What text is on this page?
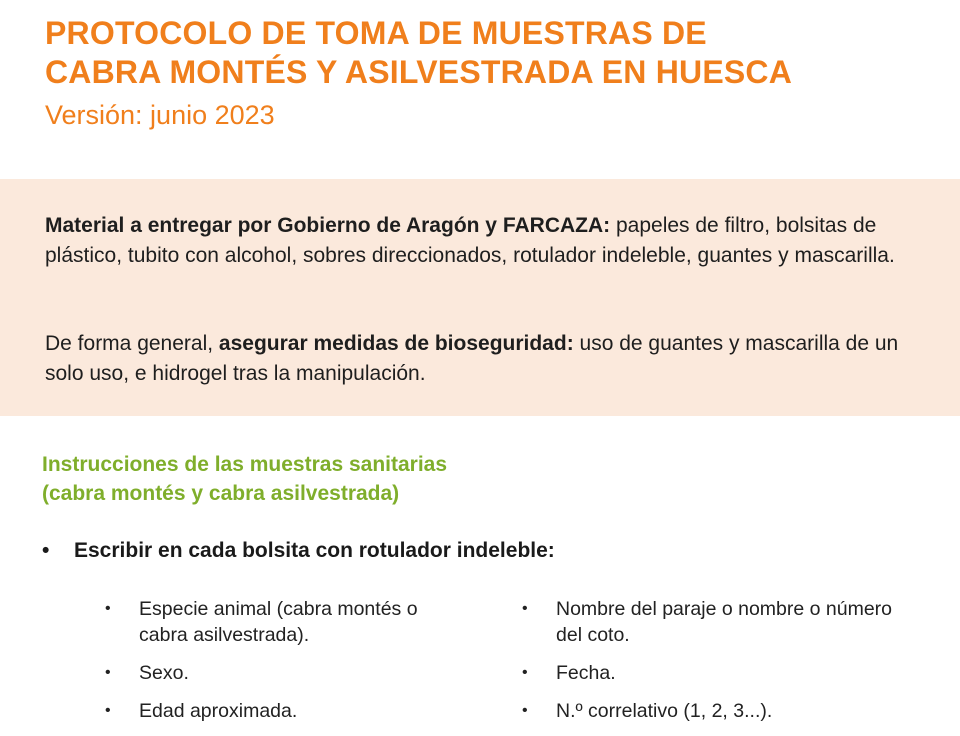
PROTOCOLO DE TOMA DE MUESTRAS DE
CABRA MONTÉS Y ASILVESTRADA EN HUESCA

Versión: junio 2023

Material a entregar por Gobierno de Aragón y FARCAZA: papeles de filtro, bolsitas de plástico, tubito con alcohol, sobres direccionados, rotulador indeleble, guantes y mascarilla.

De forma general, asegurar medidas de bioseguridad: uso de guantes y mascarilla de un solo uso, e hidrogel tras la manipulación.

Instrucciones de las muestras sanitarias
(cabra montés y cabra asilvestrada)
• Escribir en cada bolsita con rotulador indeleble:
• Especie animal (cabra montés o cabra asilvestrada).
• Sexo.
• Edad aproximada.
• Nombre del paraje o nombre o número del coto.
• Fecha.
• N.º correlativo (1, 2, 3...).
